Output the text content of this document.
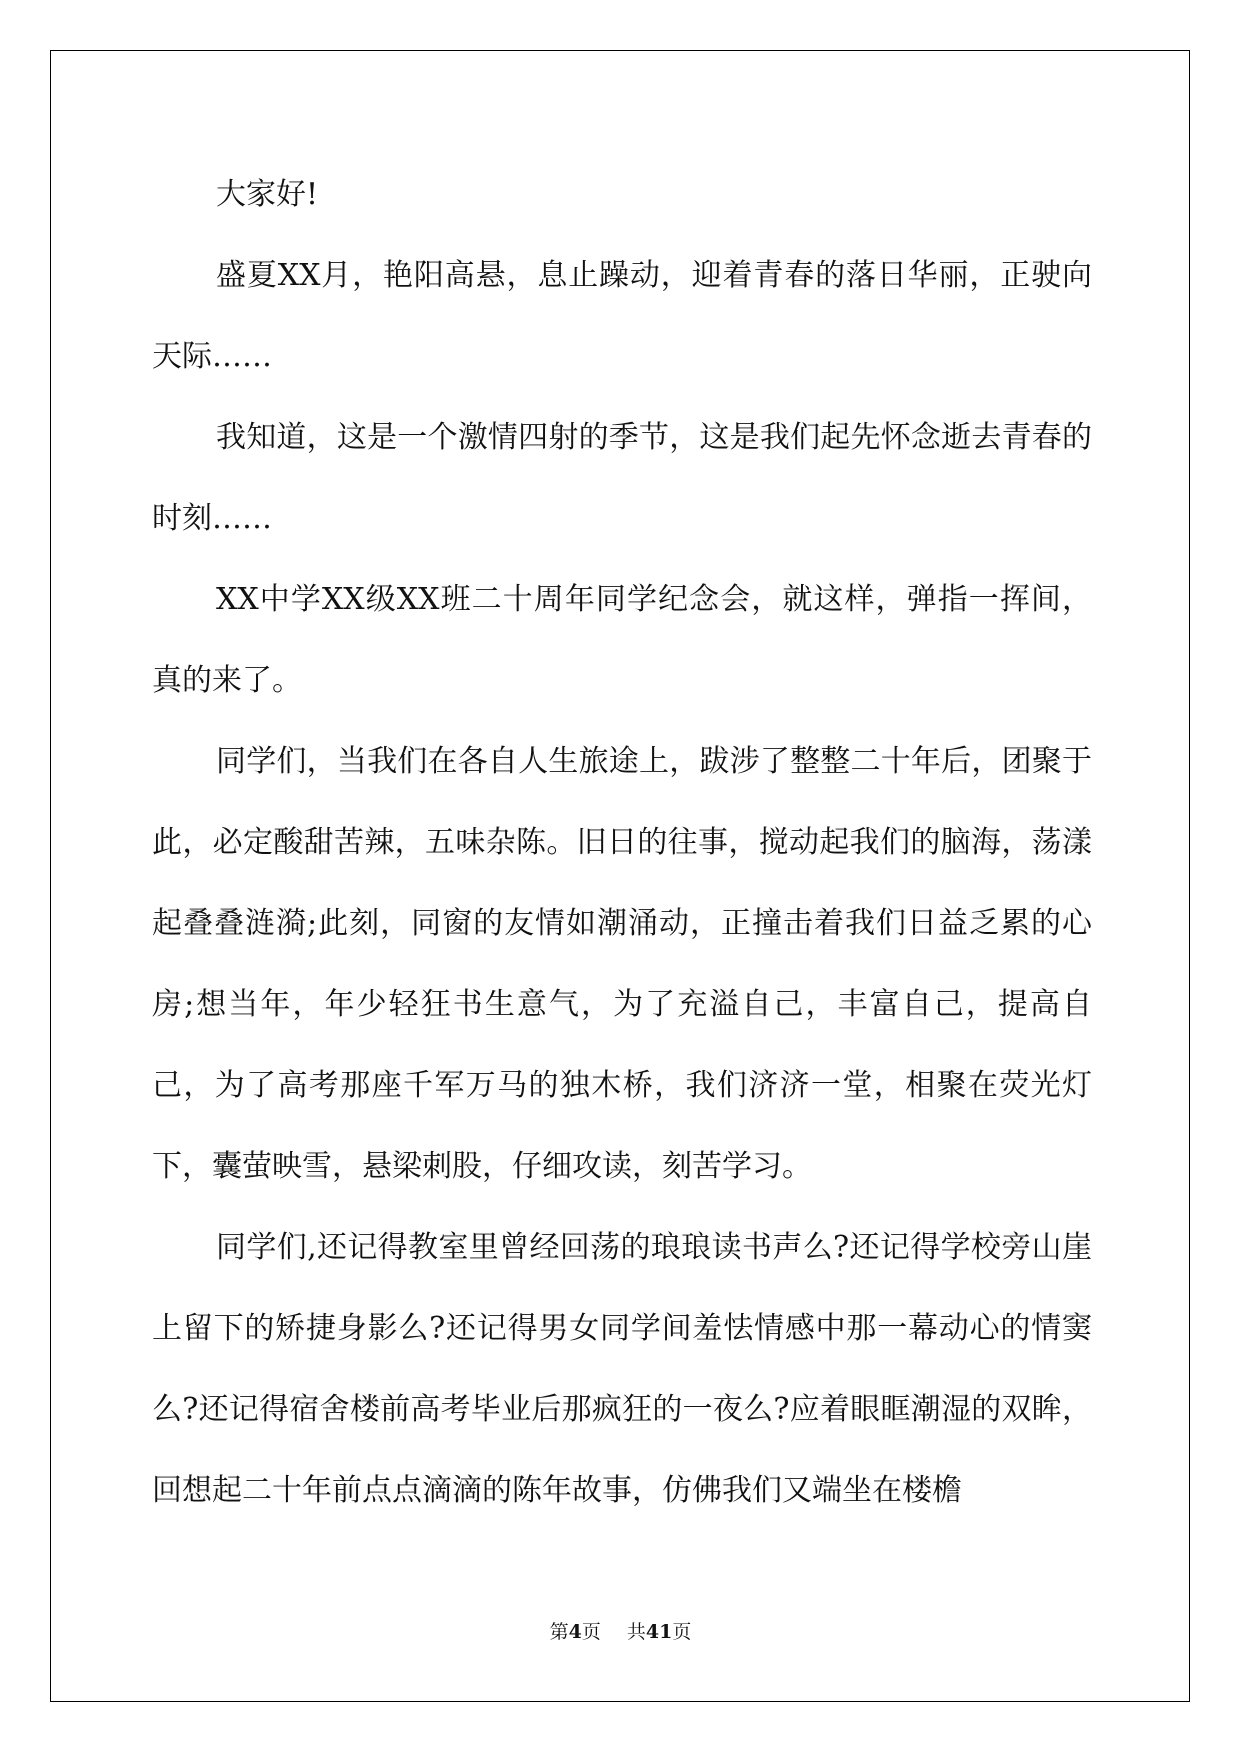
大家好!

盛夏XX月，艳阳高悬，息止躁动，迎着青春的落日华丽，正驶向天际……

我知道，这是一个激情四射的季节，这是我们起先怀念逝去青春的时刻……

XX中学XX级XX班二十周年同学纪念会，就这样，弹指一挥间，真的来了。

同学们，当我们在各自人生旅途上，跋涉了整整二十年后，团聚于此，必定酸甜苦辣，五味杂陈。旧日的往事，搅动起我们的脑海，荡漾起叠叠涟漪;此刻，同窗的友情如潮涌动，正撞击着我们日益乏累的心房;想当年，年少轻狂书生意气，为了充溢自己，丰富自己，提高自己，为了高考那座千军万马的独木桥，我们济济一堂，相聚在荧光灯下，囊萤映雪，悬梁刺股，仔细攻读，刻苦学习。

同学们,还记得教室里曾经回荡的琅琅读书声么?还记得学校旁山崖上留下的矫捷身影么?还记得男女同学间羞怯情感中那一幕动心的情窦么?还记得宿舍楼前高考毕业后那疯狂的一夜么?应着眼眶潮湿的双眸，回想起二十年前点点滴滴的陈年故事，仿佛我们又端坐在楼檐

第4页 共41页
